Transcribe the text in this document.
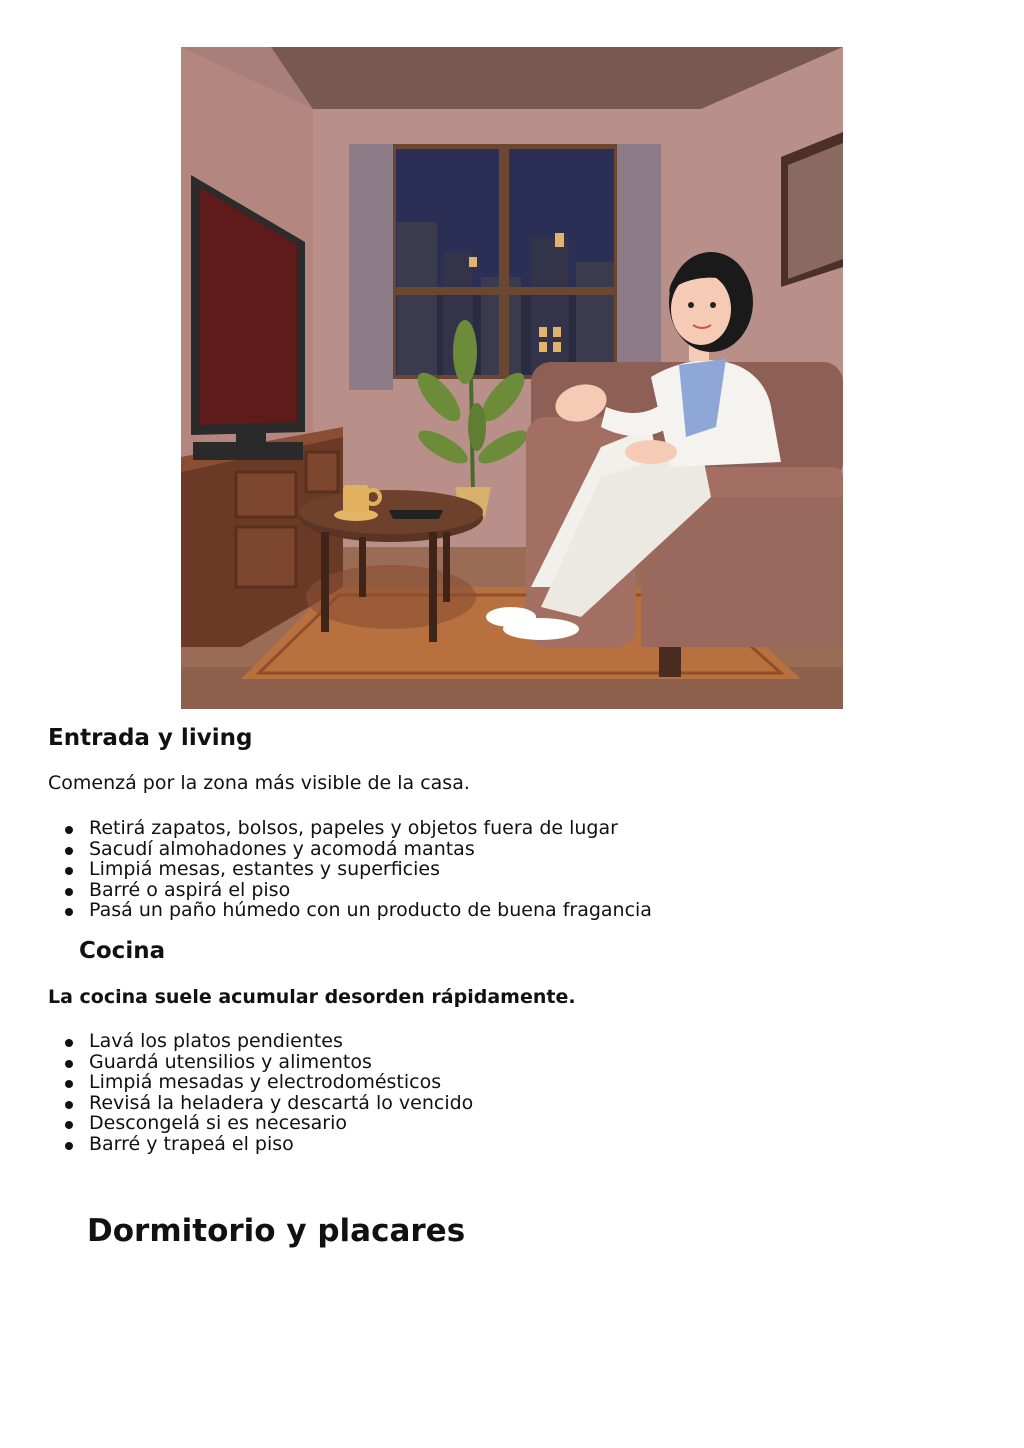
Entrada y living

Comenzá por la zona más visible de la casa.

Retirá zapatos, bolsos, papeles y objetos fuera de lugar
Sacudí almohadones y acomodá mantas
Limpiá mesas, estantes y superficies
Barré o aspirá el piso
Pasá un paño húmedo con un producto de buena fragancia
Cocina

La cocina suele acumular desorden rápidamente.

Lavá los platos pendientes
Guardá utensilios y alimentos
Limpiá mesadas y electrodomésticos
Revisá la heladera y descartá lo vencido
Descongelá si es necesario
Barré y trapeá el piso
Dormitorio y placares
